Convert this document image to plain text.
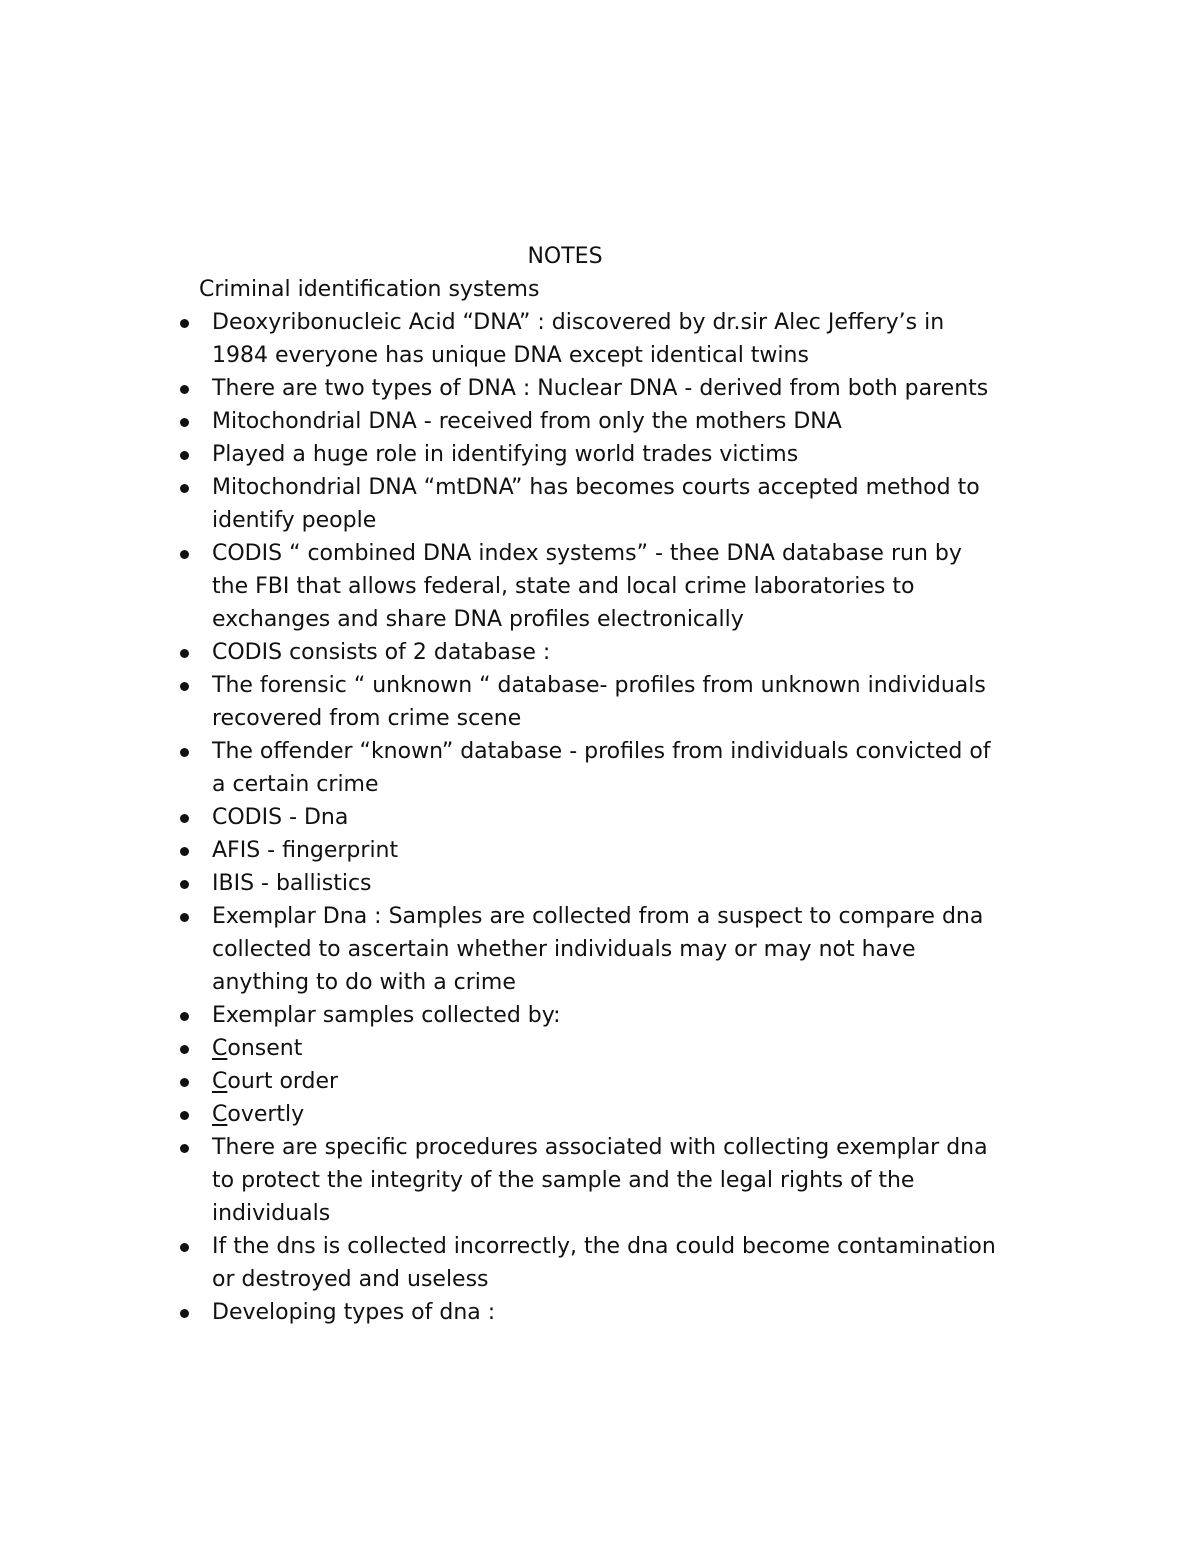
NOTES
Criminal identification systems
Deoxyribonucleic Acid “DNA” : discovered by dr.sir Alec Jeffery’s in
1984 everyone has unique DNA except identical twins
There are two types of DNA : Nuclear DNA - derived from both parents
Mitochondrial DNA - received from only the mothers DNA
Played a huge role in identifying world trades victims
Mitochondrial DNA “mtDNA” has becomes courts accepted method to
identify people
CODIS “ combined DNA index systems” - thee DNA database run by
the FBI that allows federal, state and local crime laboratories to
exchanges and share DNA profiles electronically
CODIS consists of 2 database :
The forensic “ unknown “ database- profiles from unknown individuals
recovered from crime scene
The offender “known” database - profiles from individuals convicted of
a certain crime
CODIS - Dna
AFIS - fingerprint
IBIS - ballistics
Exemplar Dna : Samples are collected from a suspect to compare dna
collected to ascertain whether individuals may or may not have
anything to do with a crime
Exemplar samples collected by:
Consent
Court order
Covertly
There are specific procedures associated with collecting exemplar dna
to protect the integrity of the sample and the legal rights of the
individuals
If the dns is collected incorrectly, the dna could become contamination
or destroyed and useless
Developing types of dna :
